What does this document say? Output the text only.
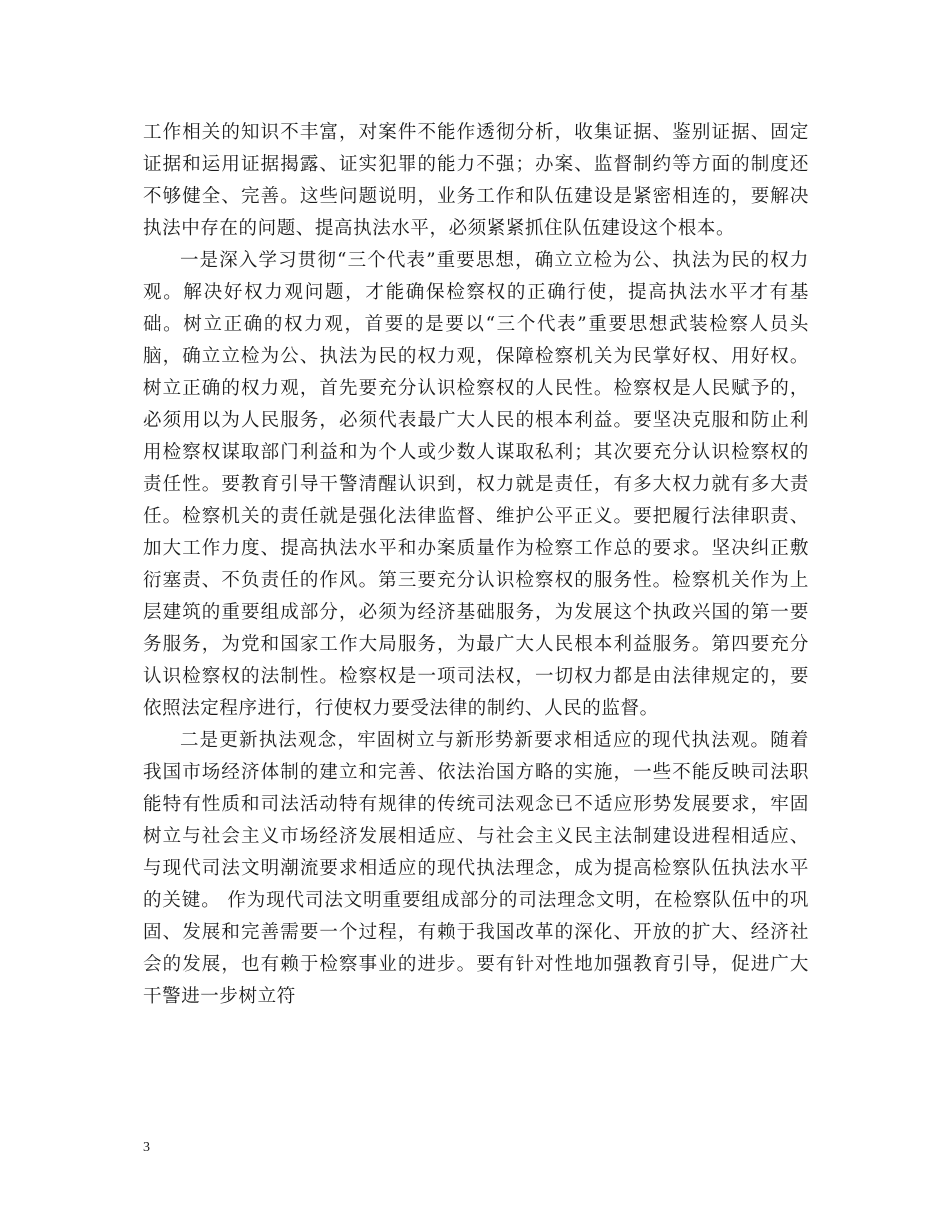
工作相关的知识不丰富，对案件不能作透彻分析，收集证据、鉴别证据、固定证据和运用证据揭露、证实犯罪的能力不强；办案、监督制约等方面的制度还不够健全、完善。这些问题说明，业务工作和队伍建设是紧密相连的，要解决执法中存在的问题、提高执法水平，必须紧紧抓住队伍建设这个根本。

一是深入学习贯彻“三个代表”重要思想，确立立检为公、执法为民的权力观。解决好权力观问题，才能确保检察权的正确行使，提高执法水平才有基础。树立正确的权力观，首要的是要以“三个代表”重要思想武装检察人员头脑，确立立检为公、执法为民的权力观，保障检察机关为民掌好权、用好权。 树立正确的权力观，首先要充分认识检察权的人民性。检察权是人民赋予的，必须用以为人民服务，必须代表最广大人民的根本利益。要坚决克服和防止利用检察权谋取部门利益和为个人或少数人谋取私利；其次要充分认识检察权的责任性。要教育引导干警清醒认识到，权力就是责任，有多大权力就有多大责任。检察机关的责任就是强化法律监督、维护公平正义。要把履行法律职责、加大工作力度、提高执法水平和办案质量作为检察工作总的要求。坚决纠正敷衍塞责、不负责任的作风。第三要充分认识检察权的服务性。检察机关作为上层建筑的重要组成部分，必须为经济基础服务，为发展这个执政兴国的第一要务服务，为党和国家工作大局服务，为最广大人民根本利益服务。第四要充分认识检察权的法制性。检察权是一项司法权，一切权力都是由法律规定的，要依照法定程序进行，行使权力要受法律的制约、人民的监督。

二是更新执法观念，牢固树立与新形势新要求相适应的现代执法观。随着我国市场经济体制的建立和完善、依法治国方略的实施，一些不能反映司法职能特有性质和司法活动特有规律的传统司法观念已不适应形势发展要求，牢固树立与社会主义市场经济发展相适应、与社会主义民主法制建设进程相适应、与现代司法文明潮流要求相适应的现代执法理念，成为提高检察队伍执法水平的关键。 作为现代司法文明重要组成部分的司法理念文明，在检察队伍中的巩固、发展和完善需要一个过程，有赖于我国改革的深化、开放的扩大、经济社会的发展，也有赖于检察事业的进步。要有针对性地加强教育引导，促进广大干警进一步树立符

3
